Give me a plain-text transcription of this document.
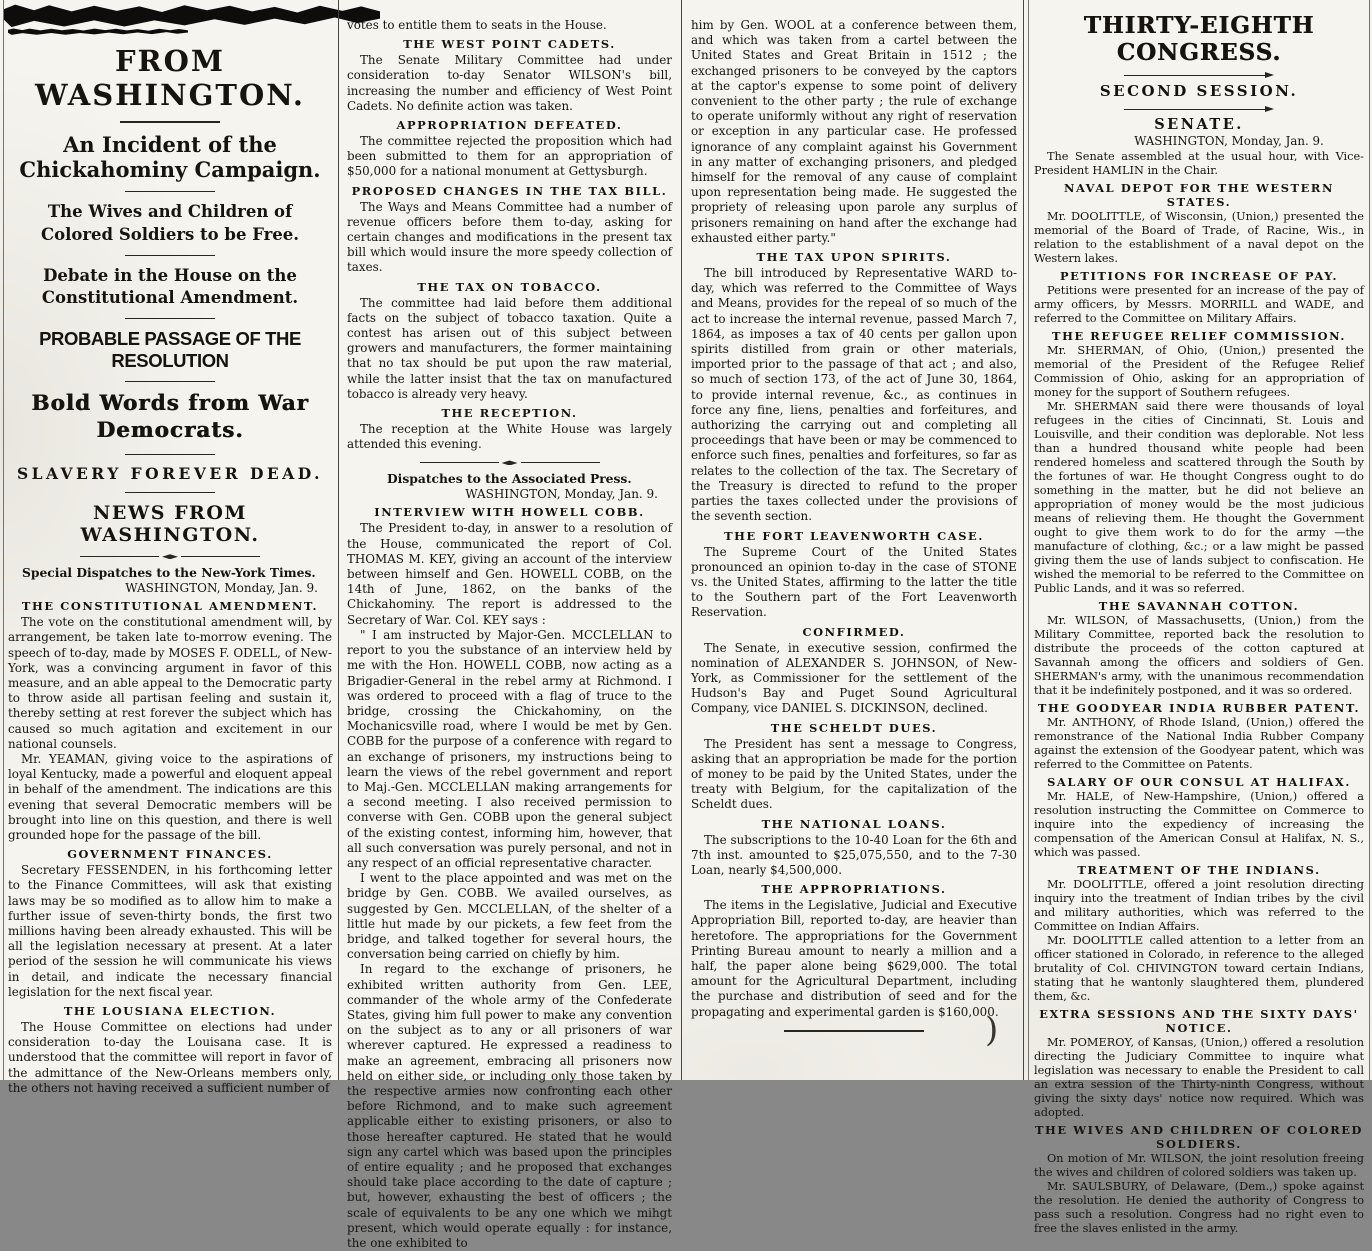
FROM WASHINGTON.
An Incident of the Chickahominy Campaign.
The Wives and Children of Colored Soldiers to be Free.
Debate in the House on the Constitutional Amendment.
PROBABLE PASSAGE OF THE RESOLUTION
Bold Words from War Democrats.
SLAVERY FOREVER DEAD.
NEWS FROM WASHINGTON.
Special Dispatches to the New-York Times.
WASHINGTON, Monday, Jan. 9.
THE CONSTITUTIONAL AMENDMENT.

The vote on the constitutional amendment will, by arrangement, be taken late to-morrow evening. The speech of to-day, made by MOSES F. ODELL, of New-York, was a convincing argument in favor of this measure, and an able appeal to the Democratic party to throw aside all partisan feeling and sustain it, thereby setting at rest forever the subject which has caused so much agitation and excitement in our national counsels.

Mr. YEAMAN, giving voice to the aspirations of loyal Kentucky, made a powerful and eloquent appeal in behalf of the amendment. The indications are this evening that several Democratic members will be brought into line on this question, and there is well grounded hope for the passage of the bill.

GOVERNMENT FINANCES.

Secretary FESSENDEN, in his forthcoming letter to the Finance Committees, will ask that existing laws may be so modified as to allow him to make a further issue of seven-thirty bonds, the first two millions having been already exhausted. This will be all the legislation necessary at present. At a later period of the session he will communicate his views in detail, and indicate the necessary financial legislation for the next fiscal year.

THE LOUSIANA ELECTION.

The House Committee on elections had under consideration to-day the Louisana case. It is understood that the committee will report in favor of the admittance of the New-Orleans members only, the others not having received a sufficient number of

votes to entitle them to seats in the House.

THE WEST POINT CADETS.

The Senate Military Committee had under consideration to-day Senator WILSON's bill, increasing the number and efficiency of West Point Cadets. No definite action was taken.

APPROPRIATION DEFEATED.

The committee rejected the proposition which had been submitted to them for an appropriation of $50,000 for a national monument at Gettysburgh.

PROPOSED CHANGES IN THE TAX BILL.

The Ways and Means Committee had a number of revenue officers before them to-day, asking for certain changes and modifications in the present tax bill which would insure the more speedy collection of taxes.

THE TAX ON TOBACCO.

The committee had laid before them additional facts on the subject of tobacco taxation. Quite a contest has arisen out of this subject between growers and manufacturers, the former maintaining that no tax should be put upon the raw material, while the latter insist that the tax on manufactured tobacco is already very heavy.

THE RECEPTION.

The reception at the White House was largely attended this evening.

Dispatches to the Associated Press.
WASHINGTON, Monday, Jan. 9.
INTERVIEW WITH HOWELL COBB.

The President to-day, in answer to a resolution of the House, communicated the report of Col. THOMAS M. KEY, giving an account of the interview between himself and Gen. HOWELL COBB, on the 14th of June, 1862, on the banks of the Chickahominy. The report is addressed to the Secretary of War. Col. KEY says :

" I am instructed by Major-Gen. MCCLELLAN to report to you the substance of an interview held by me with the Hon. HOWELL COBB, now acting as a Brigadier-General in the rebel army at Richmond. I was ordered to proceed with a flag of truce to the bridge, crossing the Chickahominy, on the Mochanicsville road, where I would be met by Gen. COBB for the purpose of a conference with regard to an exchange of prisoners, my instructions being to learn the views of the rebel government and report to Maj.-Gen. MCCLELLAN making arrangements for a second meeting. I also received permission to converse with Gen. COBB upon the general subject of the existing contest, informing him, however, that all such conversation was purely personal, and not in any respect of an official representative character.

I went to the place appointed and was met on the bridge by Gen. COBB. We availed ourselves, as suggested by Gen. MCCLELLAN, of the shelter of a little hut made by our pickets, a few feet from the bridge, and talked together for several hours, the conversation being carried on chiefly by him.

In regard to the exchange of prisoners, he exhibited written authority from Gen. LEE, commander of the whole army of the Confederate States, giving him full power to make any convention on the subject as to any or all prisoners of war wherever captured. He expressed a readiness to make an agreement, embracing all prisoners now held on either side, or including only those taken by the respective armies now confronting each other before Richmond, and to make such agreement applicable either to existing prisoners, or also to those hereafter captured. He stated that he would sign any cartel which was based upon the principles of entire equality ; and he proposed that exchanges should take place according to the date of capture ; but, however, exhausting the best of officers ; the scale of equivalents to be any one which we mihgt present, which would operate equally : for instance, the one exhibited to

him by Gen. WOOL at a conference between them, and which was taken from a cartel between the United States and Great Britain in 1512 ; the exchanged prisoners to be conveyed by the captors at the captor's expense to some point of delivery convenient to the other party ; the rule of exchange to operate uniformly without any right of reservation or exception in any particular case. He professed ignorance of any complaint against his Government in any matter of exchanging prisoners, and pledged himself for the removal of any cause of complaint upon representation being made. He suggested the propriety of releasing upon parole any surplus of prisoners remaining on hand after the exchange had exhausted either party."

THE TAX UPON SPIRITS.

The bill introduced by Representative WARD to-day, which was referred to the Committee of Ways and Means, provides for the repeal of so much of the act to increase the internal revenue, passed March 7, 1864, as imposes a tax of 40 cents per gallon upon spirits distilled from grain or other materials, imported prior to the passage of that act ; and also, so much of section 173, of the act of June 30, 1864, to provide internal revenue, &c., as continues in force any fine, liens, penalties and forfeitures, and authorizing the carrying out and completing all proceedings that have been or may be commenced to enforce such fines, penalties and forfeitures, so far as relates to the collection of the tax. The Secretary of the Treasury is directed to refund to the proper parties the taxes collected under the provisions of the seventh section.

THE FORT LEAVENWORTH CASE.

The Supreme Court of the United States pronounced an opinion to-day in the case of STONE vs. the United States, affirming to the latter the title to the Southern part of the Fort Leavenworth Reservation.

CONFIRMED.

The Senate, in executive session, confirmed the nomination of ALEXANDER S. JOHNSON, of New-York, as Commissioner for the settlement of the Hudson's Bay and Puget Sound Agricultural Company, vice DANIEL S. DICKINSON, declined.

THE SCHELDT DUES.

The President has sent a message to Congress, asking that an appropriation be made for the portion of money to be paid by the United States, under the treaty with Belgium, for the capitalization of the Scheldt dues.

THE NATIONAL LOANS.

The subscriptions to the 10-40 Loan for the 6th and 7th inst. amounted to $25,075,550, and to the 7-30 Loan, nearly $4,500,000.

THE APPROPRIATIONS.

The items in the Legislative, Judicial and Executive Appropriation Bill, reported to-day, are heavier than heretofore. The appropriations for the Government Printing Bureau amount to nearly a million and a half, the paper alone being $629,000. The total amount for the Agricultural Department, including the purchase and distribution of seed and for the propagating and experimental garden is $160,000.

)
THIRTY-EIGHTH CONGRESS.
SECOND SESSION.
SENATE.
WASHINGTON, Monday, Jan. 9.

The Senate assembled at the usual hour, with Vice-President HAMLIN in the Chair.

NAVAL DEPOT FOR THE WESTERN STATES.

Mr. DOOLITTLE, of Wisconsin, (Union,) presented the memorial of the Board of Trade, of Racine, Wis., in relation to the establishment of a naval depot on the Western lakes.

PETITIONS FOR INCREASE OF PAY.

Petitions were presented for an increase of the pay of army officers, by Messrs. MORRILL and WADE, and referred to the Committee on Military Affairs.

THE REFUGEE RELIEF COMMISSION.

Mr. SHERMAN, of Ohio, (Union,) presented the memorial of the President of the Refugee Relief Commission of Ohio, asking for an appropriation of money for the support of Southern refugees.

Mr. SHERMAN said there were thousands of loyal refugees in the cities of Cincinnati, St. Louis and Louisville, and their condition was deplorable. Not less than a hundred thousand white people had been rendered homeless and scattered through the South by the fortunes of war. He thought Congress ought to do something in the matter, but he did not believe an appropriation of money would be the most judicious means of relieving them. He thought the Government ought to give them work to do for the army —the manufacture of clothing, &c.; or a law might be passed giving them the use of lands subject to confiscation. He wished the memorial to be referred to the Committee on Public Lands, and it was so referred.

THE SAVANNAH COTTON.

Mr. WILSON, of Massachusetts, (Union,) from the Military Committee, reported back the resolution to distribute the proceeds of the cotton captured at Savannah among the officers and soldiers of Gen. SHERMAN's army, with the unanimous recommendation that it be indefinitely postponed, and it was so ordered.

THE GOODYEAR INDIA RUBBER PATENT.

Mr. ANTHONY, of Rhode Island, (Union,) offered the remonstrance of the National India Rubber Company against the extension of the Goodyear patent, which was referred to the Committee on Patents.

SALARY OF OUR CONSUL AT HALIFAX.

Mr. HALE, of New-Hampshire, (Union,) offered a resolution instructing the Committee on Commerce to inquire into the expediency of increasing the compensation of the American Consul at Halifax, N. S., which was passed.

TREATMENT OF THE INDIANS.

Mr. DOOLITTLE, offered a joint resolution directing inquiry into the treatment of Indian tribes by the civil and military authorities, which was referred to the Committee on Indian Affairs.

Mr. DOOLITTLE called attention to a letter from an officer stationed in Colorado, in reference to the alleged brutality of Col. CHIVINGTON toward certain Indians, stating that he wantonly slaughtered them, plundered them, &c.

EXTRA SESSIONS AND THE SIXTY DAYS' NOTICE.

Mr. POMEROY, of Kansas, (Union,) offered a resolution directing the Judiciary Committee to inquire what legislation was necessary to enable the President to call an extra session of the Thirty-ninth Congress, without giving the sixty days' notice now required. Which was adopted.

THE WIVES AND CHILDREN OF COLORED SOLDIERS.

On motion of Mr. WILSON, the joint resolution freeing the wives and children of colored soldiers was taken up.

Mr. SAULSBURY, of Delaware, (Dem.,) spoke against the resolution. He denied the authority of Congress to pass such a resolution. Congress had no right even to free the slaves enlisted in the army.
